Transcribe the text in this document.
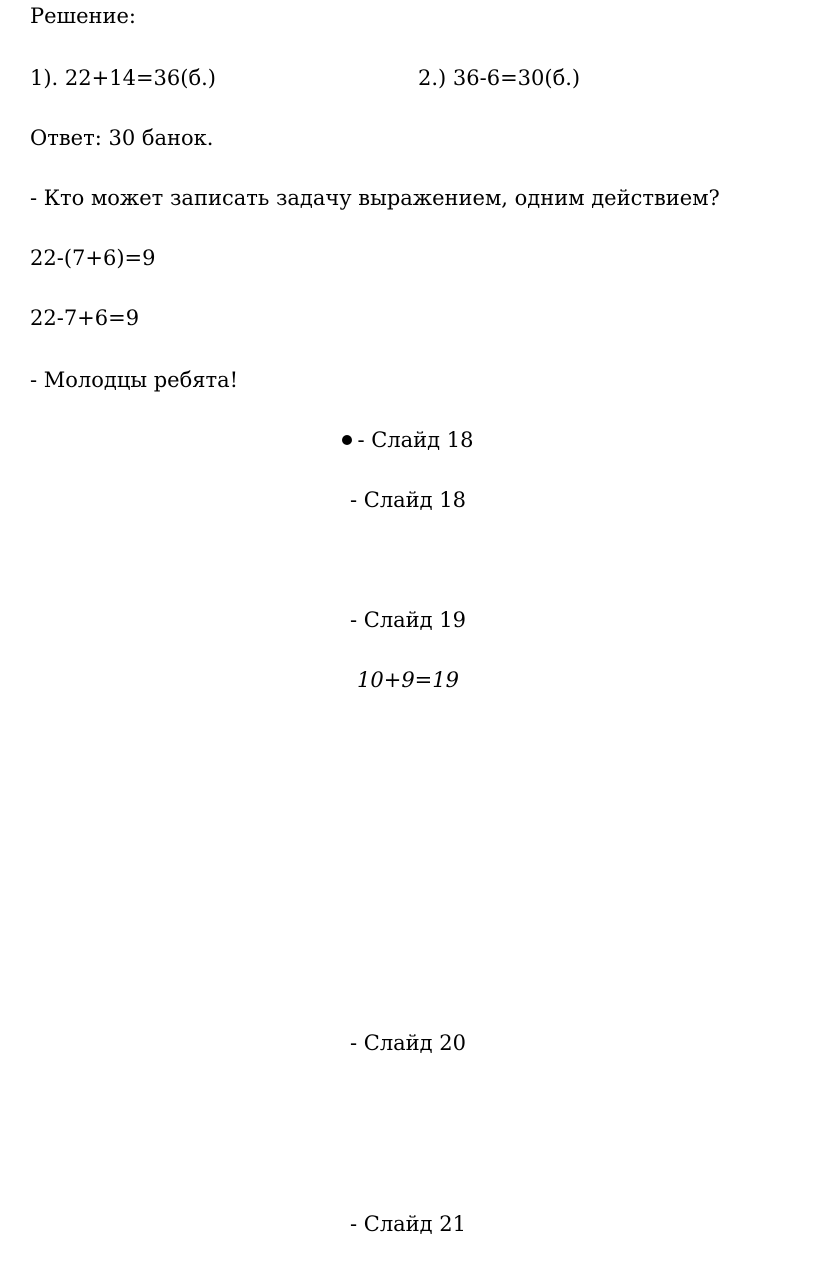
Решение:
1). 22+14=36(б.)	2.) 36-6=30(б.)
Ответ: 30 банок.
- Кто может записать задачу выражением, одним действием?
22-(7+6)=9
22-7+6=9
- Молодцы ребята!
- Слайд 18
- Слайд 18
- Слайд 19
10+9=19
- Слайд 20
- Слайд 21
